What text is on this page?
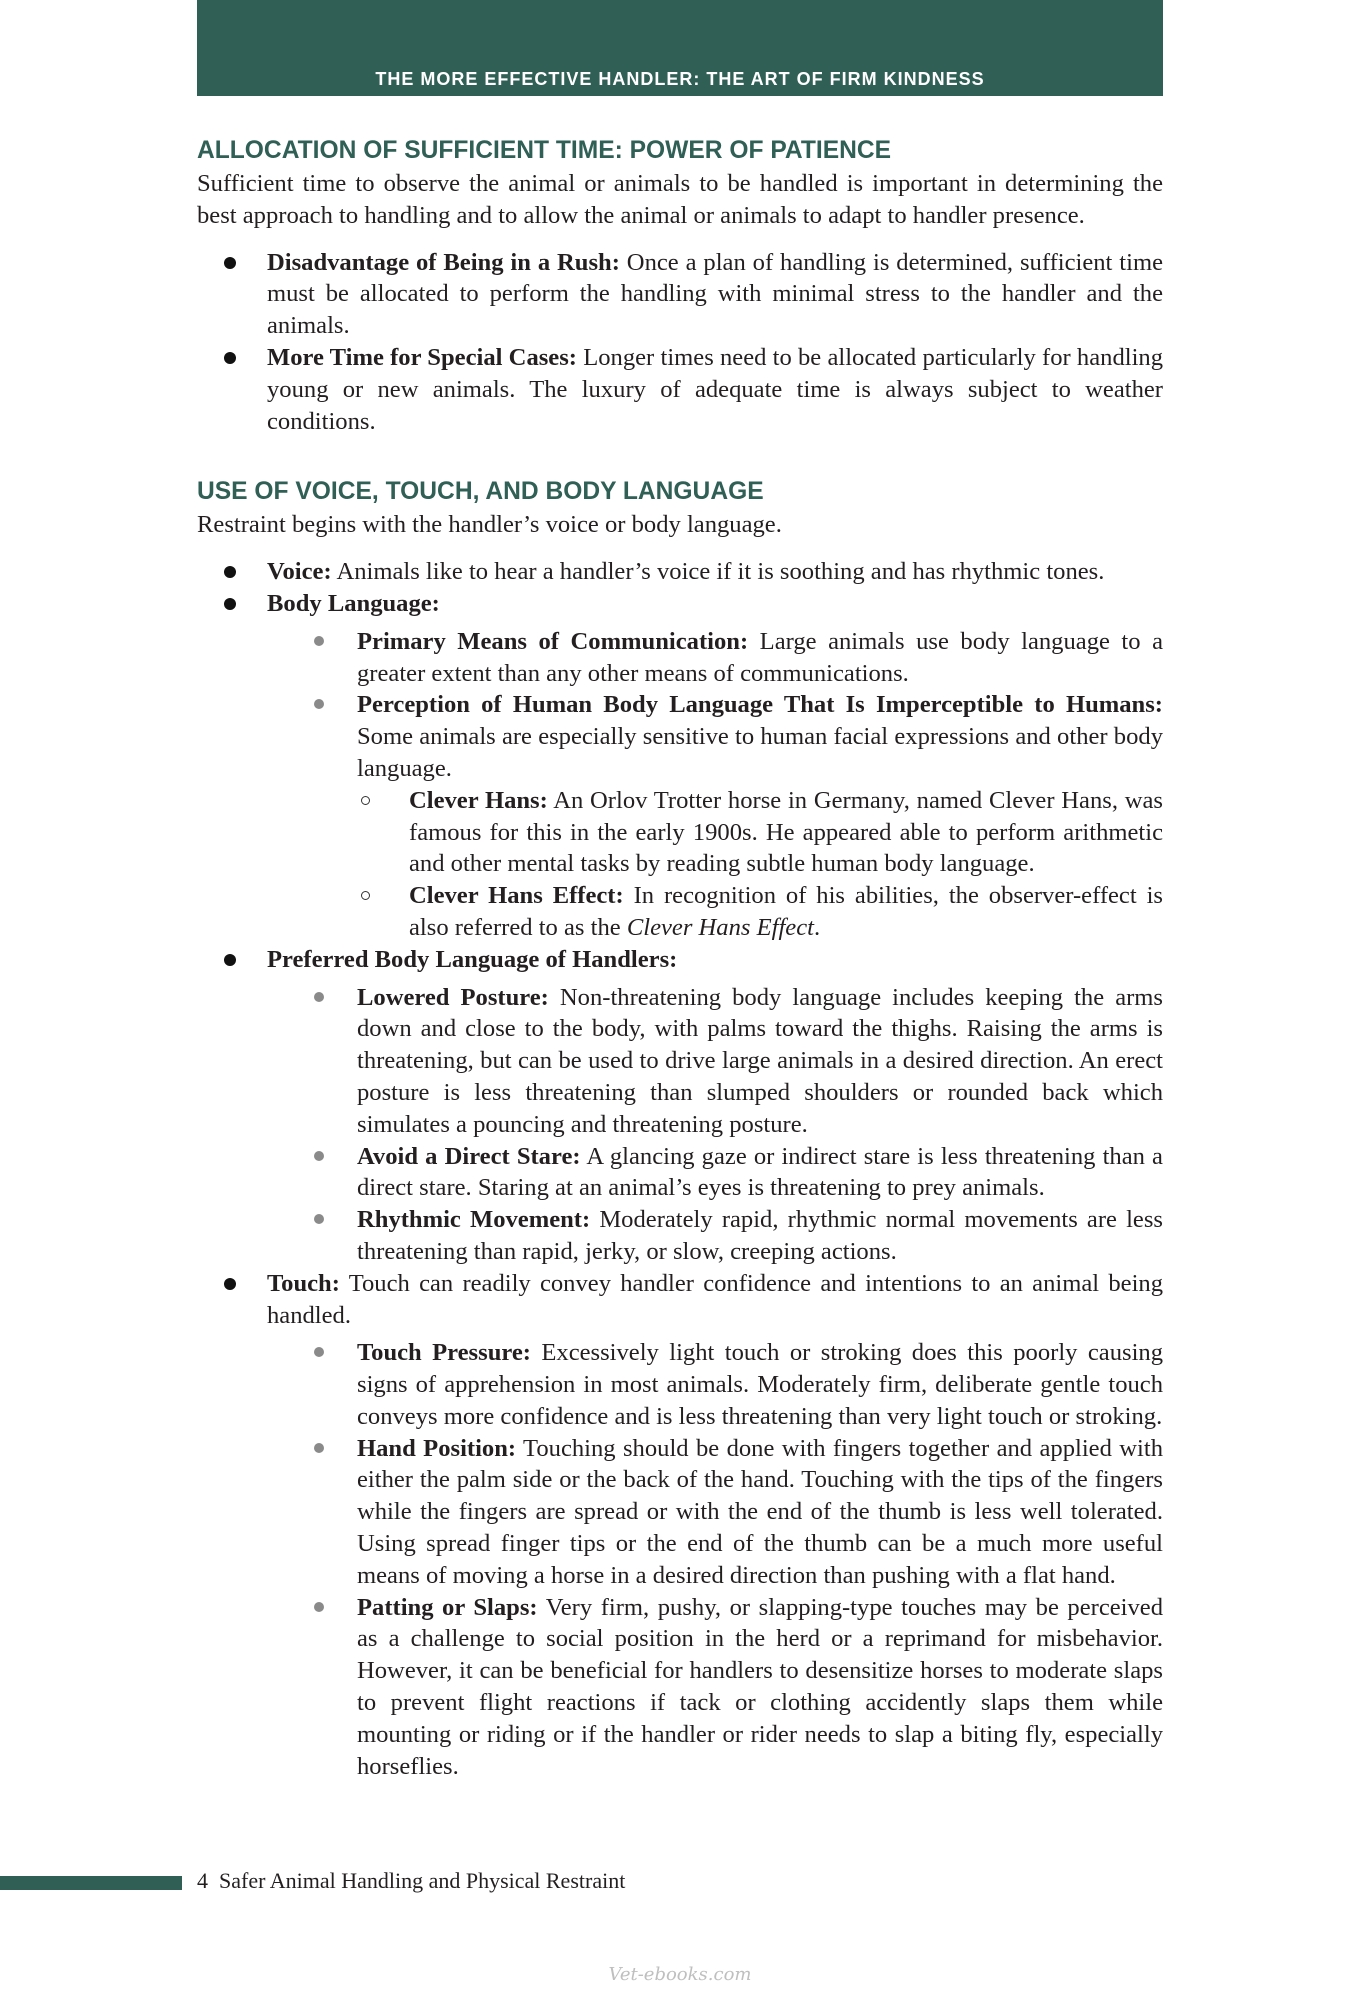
THE MORE EFFECTIVE HANDLER: THE ART OF FIRM KINDNESS
ALLOCATION OF SUFFICIENT TIME: POWER OF PATIENCE

Sufficient time to observe the animal or animals to be handled is important in determining the best approach to handling and to allow the animal or animals to adapt to handler presence.

Disadvantage of Being in a Rush: Once a plan of handling is determined, sufficient time must be allocated to perform the handling with minimal stress to the handler and the animals.
More Time for Special Cases: Longer times need to be allocated particularly for handling young or new animals. The luxury of adequate time is always subject to weather conditions.
USE OF VOICE, TOUCH, AND BODY LANGUAGE

Restraint begins with the handler’s voice or body language.

Voice: Animals like to hear a handler’s voice if it is soothing and has rhythmic tones.
Body Language:
Primary Means of Communication: Large animals use body language to a greater extent than any other means of communications.
Perception of Human Body Language That Is Imperceptible to Humans: Some animals are especially sensitive to human facial expressions and other body language.
Clever Hans: An Orlov Trotter horse in Germany, named Clever Hans, was famous for this in the early 1900s. He appeared able to perform arithmetic and other mental tasks by reading subtle human body language.
Clever Hans Effect: In recognition of his abilities, the observer-effect is also referred to as the Clever Hans Effect.
Preferred Body Language of Handlers:
Lowered Posture: Non-threatening body language includes keeping the arms down and close to the body, with palms toward the thighs. Raising the arms is threatening, but can be used to drive large animals in a desired direction. An erect posture is less threatening than slumped shoulders or rounded back which simulates a pouncing and threatening posture.
Avoid a Direct Stare: A glancing gaze or indirect stare is less threatening than a direct stare. Staring at an animal’s eyes is threatening to prey animals.
Rhythmic Movement: Moderately rapid, rhythmic normal movements are less threatening than rapid, jerky, or slow, creeping actions.
Touch: Touch can readily convey handler confidence and intentions to an animal being handled.
Touch Pressure: Excessively light touch or stroking does this poorly causing signs of apprehension in most animals. Moderately firm, deliberate gentle touch conveys more confidence and is less threatening than very light touch or stroking.
Hand Position: Touching should be done with fingers together and applied with either the palm side or the back of the hand. Touching with the tips of the fingers while the fingers are spread or with the end of the thumb is less well tolerated. Using spread finger tips or the end of the thumb can be a much more useful means of moving a horse in a desired direction than pushing with a flat hand.
Patting or Slaps: Very firm, pushy, or slapping-type touches may be perceived as a challenge to social position in the herd or a reprimand for misbehavior. However, it can be beneficial for handlers to desensitize horses to moderate slaps to prevent flight reactions if tack or clothing accidently slaps them while mounting or riding or if the handler or rider needs to slap a biting fly, especially horseflies.
4 Safer Animal Handling and Physical Restraint
Vet-ebooks.com
